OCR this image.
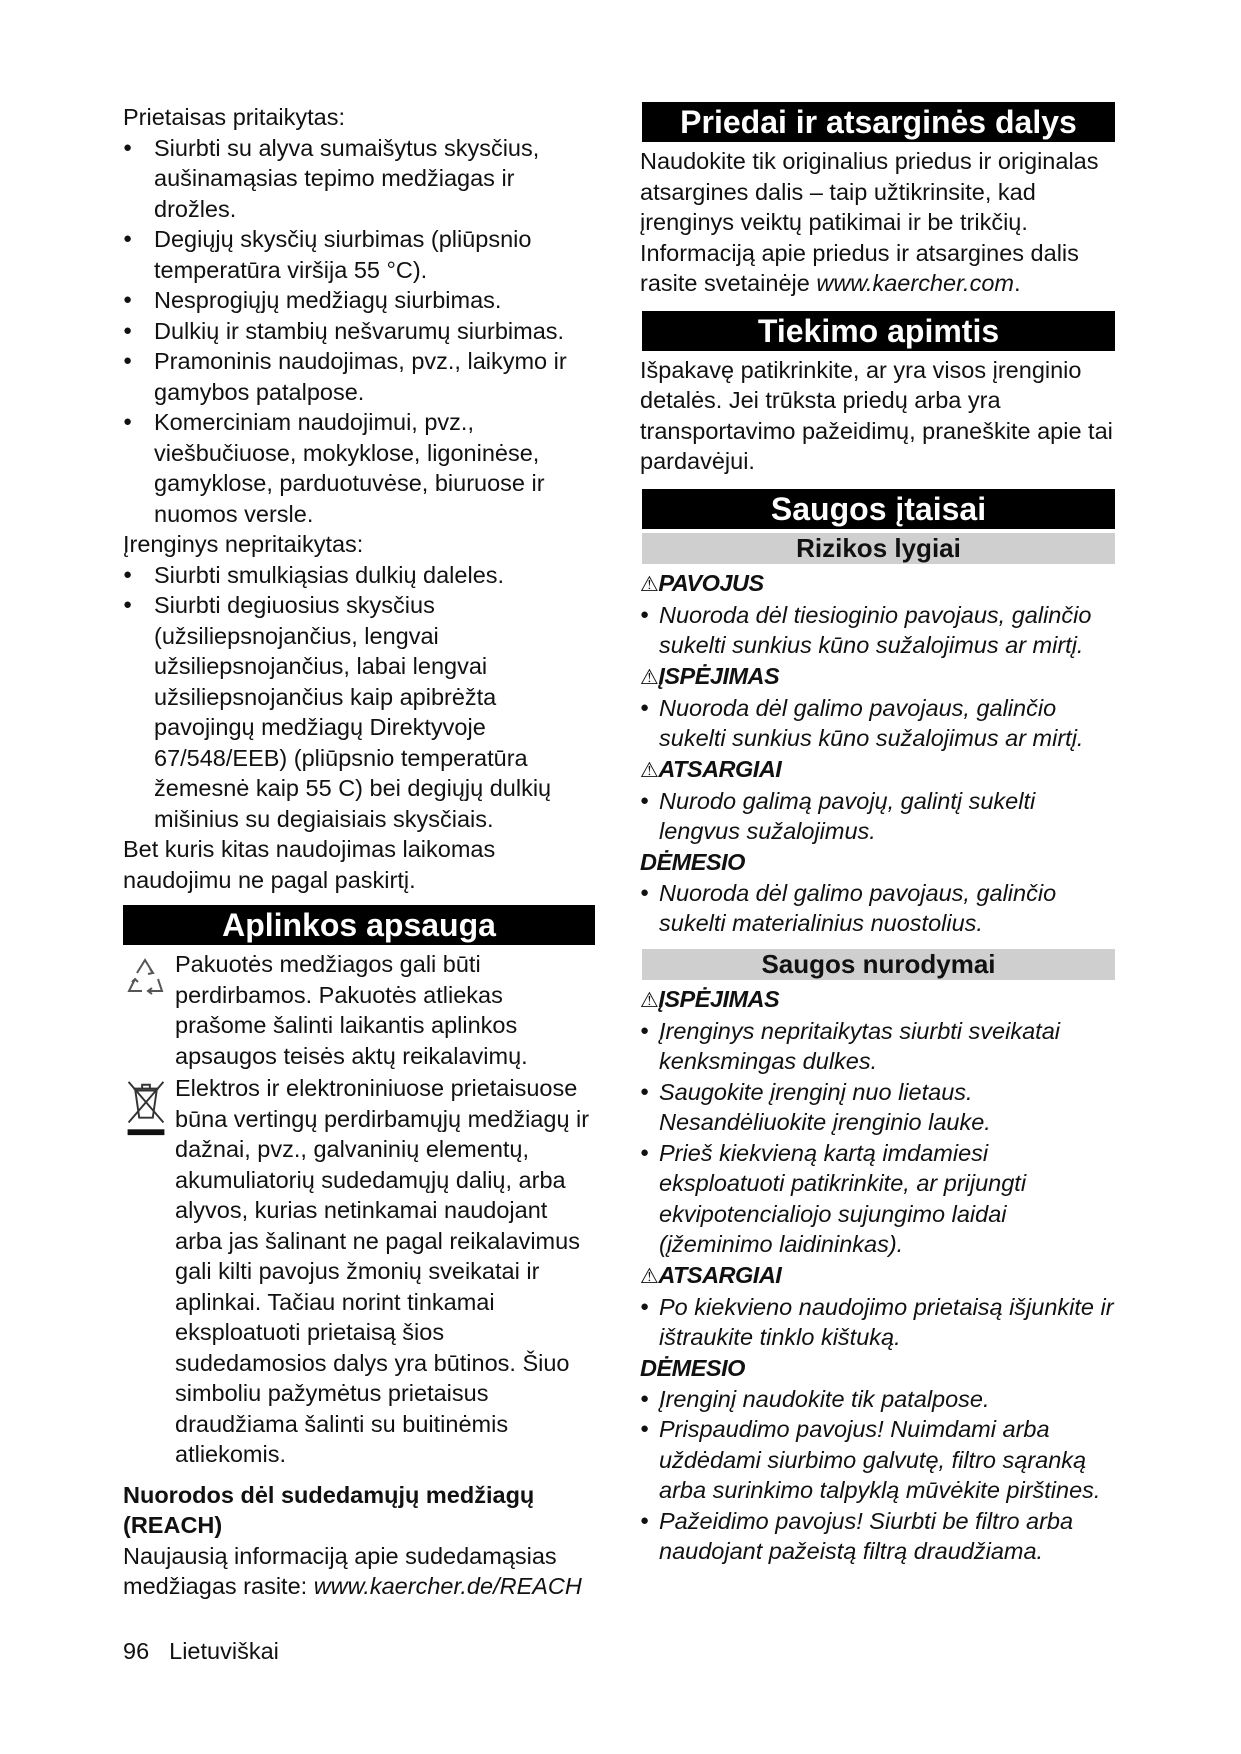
Prietaisas pritaikytas:

● Siurbti su alyva sumaišytus skysčius, aušinamąsias tepimo medžiagas ir drožles.
● Degiųjų skysčių siurbimas (pliūpsnio temperatūra viršija 55 °C).
● Nesprogiųjų medžiagų siurbimas.
● Dulkių ir stambių nešvarumų siurbimas.
● Pramoninis naudojimas, pvz., laikymo ir gamybos patalpose.
● Komerciniam naudojimui, pvz., viešbučiuose, mokyklose, ligoninėse, gamyklose, parduotuvėse, biuruose ir nuomos versle.

Įrenginys nepritaikytas:

● Siurbti smulkiąsias dulkių daleles.
● Siurbti degiuosius skysčius (užsiliepsnojančius, lengvai užsiliepsnojančius, labai lengvai užsiliepsnojančius kaip apibrėžta pavojingų medžiagų Direktyvoje 67/548/EEB) (pliūpsnio temperatūra žemesnė kaip 55 C) bei degiųjų dulkių mišinius su degiaisiais skysčiais.

Bet kuris kitas naudojimas laikomas naudojimu ne pagal paskirtį.

Aplinkos apsauga
Pakuotės medžiagos gali būti perdirbamos. Pakuotės atliekas prašome šalinti laikantis aplinkos apsaugos teisės aktų reikalavimų.
Elektros ir elektroniniuose prietaisuose būna vertingų perdirbamųjų medžiagų ir dažnai, pvz., galvaninių elementų, akumuliatorių sudedamųjų dalių, arba alyvos, kurias netinkamai naudojant arba jas šalinant ne pagal reikalavimus gali kilti pavojus žmonių sveikatai ir aplinkai. Tačiau norint tinkamai eksploatuoti prietaisą šios sudedamosios dalys yra būtinos. Šiuo simboliu pažymėtus prietaisus draudžiama šalinti su buitinėmis atliekomis.

Nuorodos dėl sudedamųjų medžiagų (REACH)

Naujausią informaciją apie sudedamąsias medžiagas rasite: www.kaercher.de/REACH

Priedai ir atsarginės dalys

Naudokite tik originalius priedus ir originalas atsargines dalis – taip užtikrinsite, kad įrenginys veiktų patikimai ir be trikčių. Informaciją apie priedus ir atsargines dalis rasite svetainėje www.kaercher.com.

Tiekimo apimtis

Išpakavę patikrinkite, ar yra visos įrenginio detalės. Jei trūksta priedų arba yra transportavimo pažeidimų, praneškite apie tai pardavėjui.

Saugos įtaisai
Rizikos lygiai

⚠PAVOJUS

● Nuoroda dėl tiesioginio pavojaus, galinčio sukelti sunkius kūno sužalojimus ar mirtį.

⚠ĮSPĖJIMAS

● Nuoroda dėl galimo pavojaus, galinčio sukelti sunkius kūno sužalojimus ar mirtį.

⚠ATSARGIAI

● Nurodo galimą pavojų, galintį sukelti lengvus sužalojimus.

DĖMESIO

● Nuoroda dėl galimo pavojaus, galinčio sukelti materialinius nuostolius.
Saugos nurodymai

⚠ĮSPĖJIMAS

● Įrenginys nepritaikytas siurbti sveikatai kenksmingas dulkes.
● Saugokite įrenginį nuo lietaus. Nesandėliuokite įrenginio lauke.
● Prieš kiekvieną kartą imdamiesi eksploatuoti patikrinkite, ar prijungti ekvipotencialiojo sujungimo laidai (įžeminimo laidininkas).

⚠ATSARGIAI

● Po kiekvieno naudojimo prietaisą išjunkite ir ištraukite tinklo kištuką.

DĖMESIO

● Įrenginį naudokite tik patalpose.
● Prispaudimo pavojus! Nuimdami arba uždėdami siurbimo galvutę, filtro sąranką arba surinkimo talpyklą mūvėkite pirštines.
● Pažeidimo pavojus! Siurbti be filtro arba naudojant pažeistą filtrą draudžiama.
96 Lietuviškai
